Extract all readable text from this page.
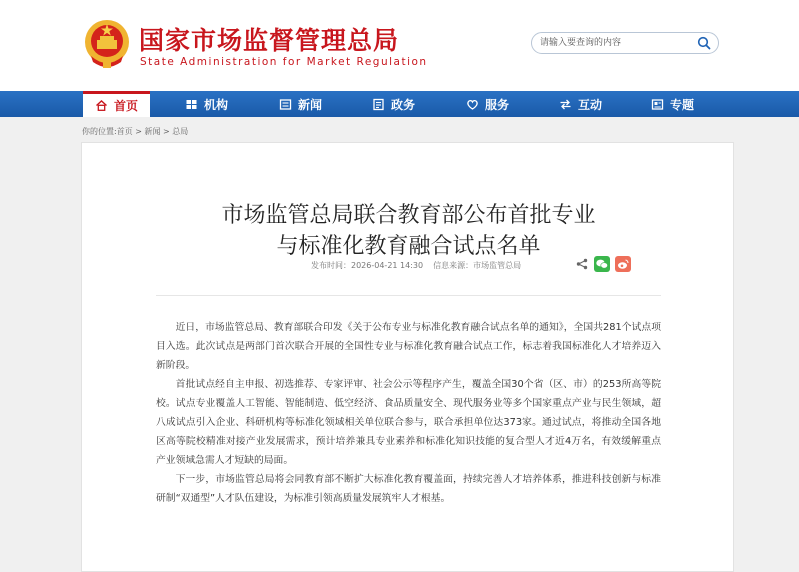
国家市场监督管理总局
State Administration for Market Regulation
请输入要查询的内容
首页	机构	新闻	政务	服务	互动	专题
你的位置:首页 > 新闻 > 总局
市场监管总局联合教育部公布首批专业
与标准化教育融合试点名单
发布时间：2026-04-21 14:30 信息来源：市场监管总局

近日，市场监管总局、教育部联合印发《关于公布专业与标准化教育融合试点名单的通知》，全国共281个试点项目入选。此次试点是两部门首次联合开展的全国性专业与标准化教育融合试点工作，标志着我国标准化人才培养迈入新阶段。

首批试点经自主申报、初选推荐、专家评审、社会公示等程序产生，覆盖全国30个省（区、市）的253所高等院校。试点专业覆盖人工智能、智能制造、低空经济、食品质量安全、现代服务业等多个国家重点产业与民生领域，超八成试点引入企业、科研机构等标准化领域相关单位联合参与，联合承担单位达373家。通过试点，将推动全国各地区高等院校精准对接产业发展需求，预计培养兼具专业素养和标准化知识技能的复合型人才近4万名，有效缓解重点产业领域急需人才短缺的局面。

下一步，市场监管总局将会同教育部不断扩大标准化教育覆盖面，持续完善人才培养体系，推进科技创新与标准研制“双通型”人才队伍建设，为标准引领高质量发展筑牢人才根基。
